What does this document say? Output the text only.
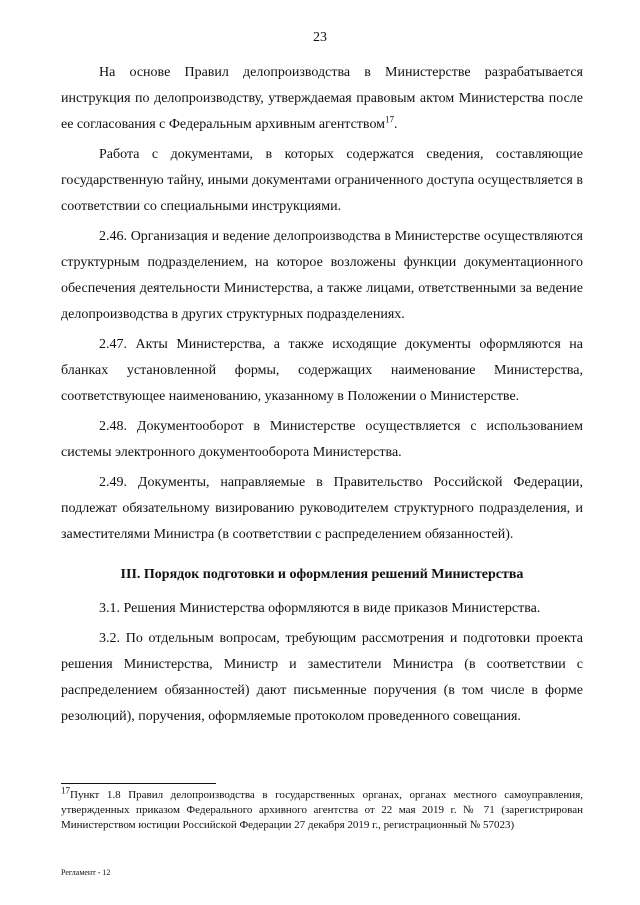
23

На основе Правил делопроизводства в Министерстве разрабатывается инструкция по делопроизводству, утверждаемая правовым актом Министерства после ее согласования с Федеральным архивным агентством$^{17}$.

Работа с документами, в которых содержатся сведения, составляющие государственную тайну, иными документами ограниченного доступа осуществляется в соответствии со специальными инструкциями.

2.46. Организация и ведение делопроизводства в Министерстве осуществляются структурным подразделением, на которое возложены функции документационного обеспечения деятельности Министерства, а также лицами, ответственными за ведение делопроизводства в других структурных подразделениях.

2.47. Акты Министерства, а также исходящие документы оформляются на бланках установленной формы, содержащих наименование Министерства, соответствующее наименованию, указанному в Положении о Министерстве.

2.48. Документооборот в Министерстве осуществляется с использованием системы электронного документооборота Министерства.

2.49. Документы, направляемые в Правительство Российской Федерации, подлежат обязательному визированию руководителем структурного подразделения, и заместителями Министра (в соответствии с распределением обязанностей).

III. Порядок подготовки и оформления решений Министерства

3.1. Решения Министерства оформляются в виде приказов Министерства.

3.2. По отдельным вопросам, требующим рассмотрения и подготовки проекта решения Министерства, Министр и заместители Министра (в соответствии с распределением обязанностей) дают письменные поручения (в том числе в форме резолюций), поручения, оформляемые протоколом проведенного совещания.

$^{17}$Пункт 1.8 Правил делопроизводства в государственных органах, органах местного самоуправления, утвержденных приказом Федерального архивного агентства от 22 мая 2019 г. № 71 (зарегистрирован Министерством юстиции Российской Федерации 27 декабря 2019 г., регистрационный № 57023)
Регламент - 12
